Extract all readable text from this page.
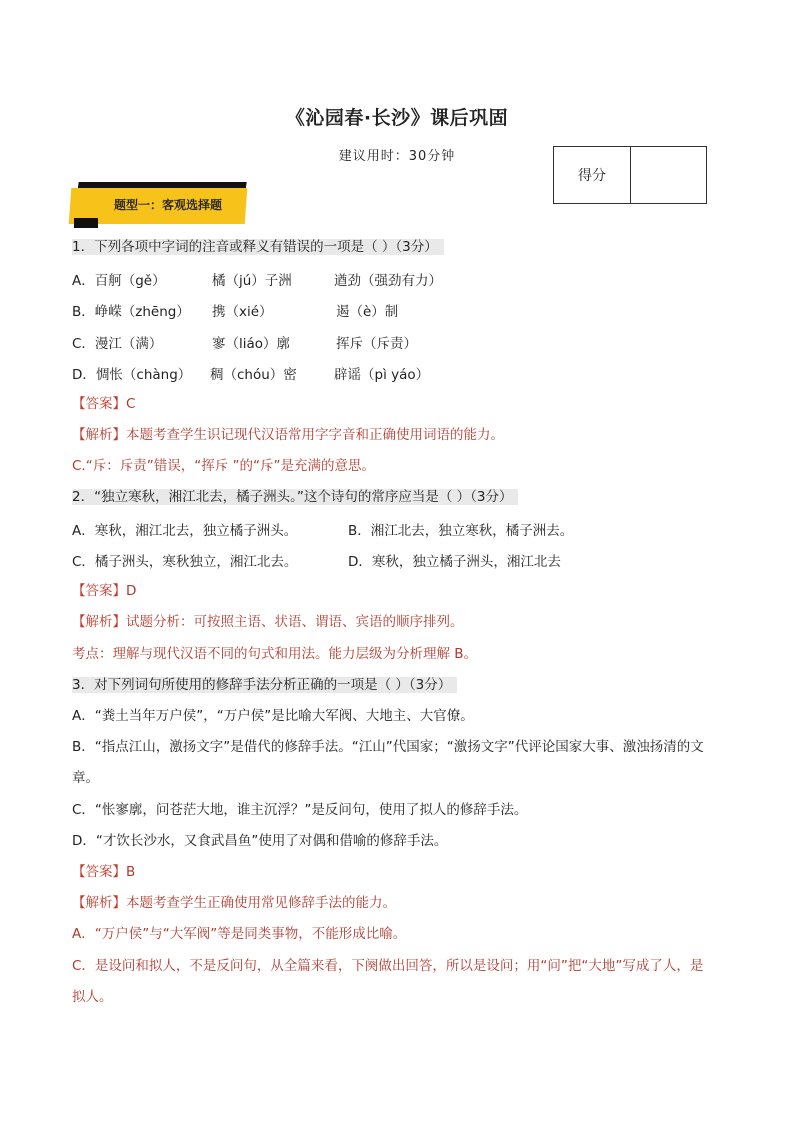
《沁园春·长沙》课后巩固
建议用时：30分钟
得分
题型一：客观选择题
1．下列各项中字词的注音或释义有错误的一项是（ ）（3分）
A．百舸（gě）	橘（jú）子洲	遒劲（强劲有力）
B．峥嵘（zhēng） 携（xié）	遏（è）制
C．漫江（满）	寥（liáo）廓	挥斥（斥责）
D．惆怅（chàng） 稠（chóu）密	辟谣（pì yáo）
【答案】C
【解析】本题考查学生识记现代汉语常用字字音和正确使用词语的能力。
C.“斥：斥责”错误，“挥斥 ”的“斥”是充满的意思。
2．“独立寒秋，湘江北去，橘子洲头。”这个诗句的常序应当是（ ）（3分）
A．寒秋，湘江北去，独立橘子洲头。	B．湘江北去，独立寒秋，橘子洲去。
C．橘子洲头，寒秋独立，湘江北去。	D．寒秋，独立橘子洲头，湘江北去
【答案】D
【解析】试题分析：可按照主语、状语、谓语、宾语的顺序排列。
考点：理解与现代汉语不同的句式和用法。能力层级为分析理解 B。
3．对下列词句所使用的修辞手法分析正确的一项是（ ）（3分）
A．“粪土当年万户侯”，“万户侯”是比喻大军阀、大地主、大官僚。
B．“指点江山，激扬文字”是借代的修辞手法。“江山”代国家；“激扬文字”代评论国家大事、激浊扬清的文
章。
C．“怅寥廓，问苍茫大地，谁主沉浮？”是反问句，使用了拟人的修辞手法。
D．“才饮长沙水，又食武昌鱼”使用了对偶和借喻的修辞手法。
【答案】B
【解析】本题考查学生正确使用常见修辞手法的能力。
A．“万户侯”与“大军阀”等是同类事物，不能形成比喻。
C．是设问和拟人，不是反问句，从全篇来看，下阕做出回答，所以是设问；用“问”把“大地”写成了人，是
拟人。
